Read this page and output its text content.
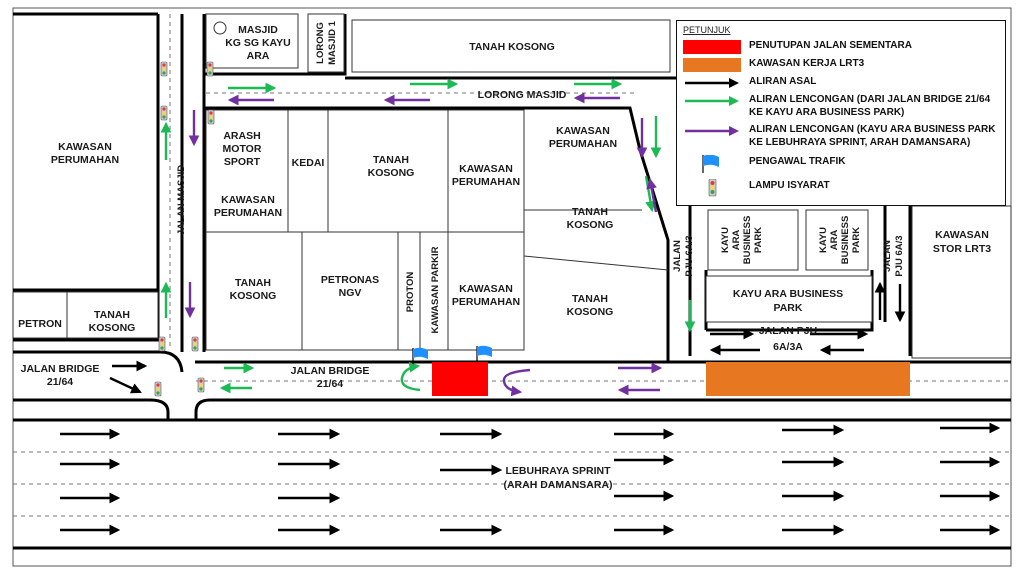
MASJID KG SG KAYU ARA	LORONGMASJID 1	TANAH KOSONG
LORONG MASJID
KAWASAN PERUMAHAN
JALAN MASJID
PETRON
TANAH KOSONG
JALAN BRIDGE 21/64
ARASH MOTOR SPORT
KAWASAN PERUMAHAN
KEDAI	TANAH KOSONG	KAWASAN PERUMAHAN
KAWASAN PERUMAHAN
TANAH KOSONG
TANAH KOSONG
PETRONAS NGV	PROTON KAWASAN PARKIR	KAWASAN PERUMAHAN	TANAH KOSONG
JALAN BRIDGE 21/64
JALANPJU 6A/3	KAYUARABUSINESSPARK	KAYUARABUSINESSPARK
JALANPJU 6A/3
KAYU ARA BUSINESS PARK
JALAN PJU 6A/3A
KAWASAN STOR LRT3
LEBUHRAYA SPRINT (ARAH DAMANSARA)
PETUNJUK
PENUTUPAN JALAN SEMENTARA
KAWASAN KERJA LRT3
ALIRAN ASAL
ALIRAN LENCONGAN (DARI JALAN BRIDGE 21/64 KE KAYU ARA BUSINESS PARK)
ALIRAN LENCONGAN (KAYU ARA BUSINESS PARK KE LEBUHRAYA SPRINT, ARAH DAMANSARA)
PENGAWAL TRAFIK
LAMPU ISYARAT
